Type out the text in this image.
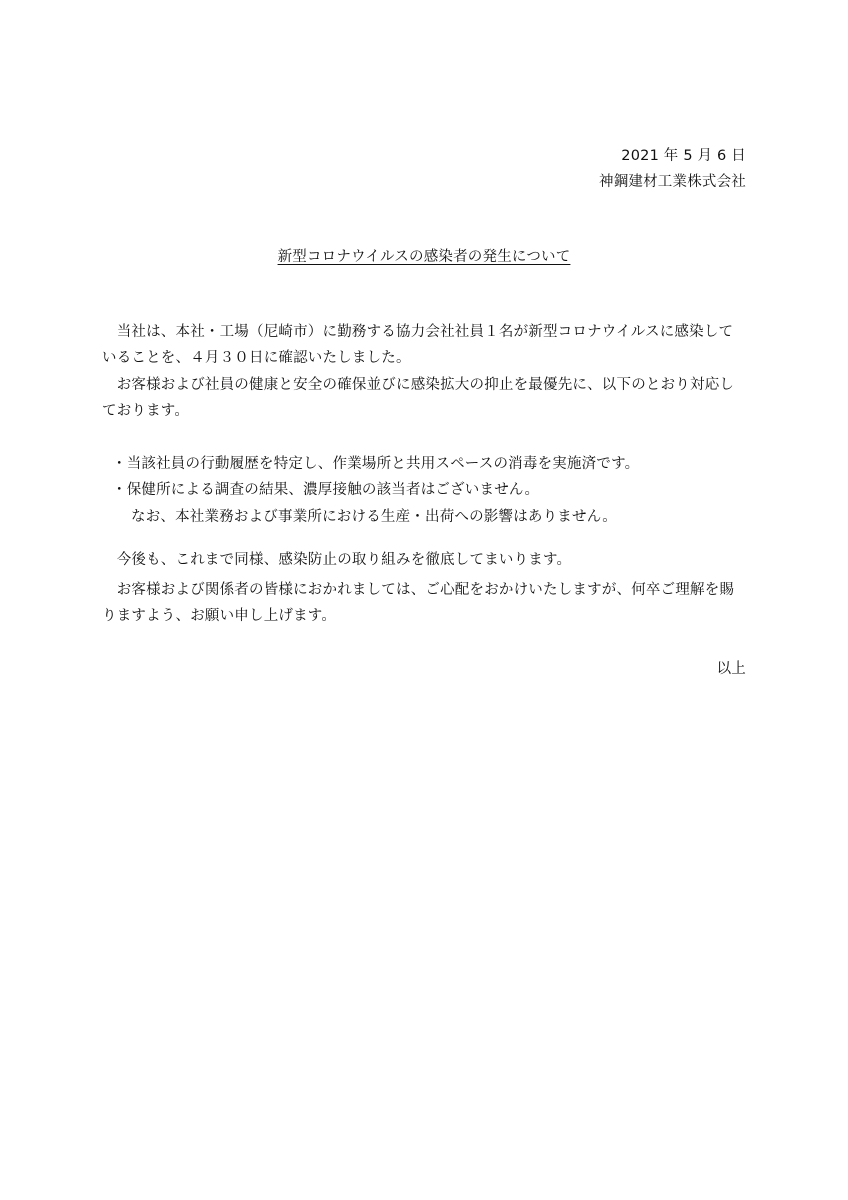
2021 年 5 月 6 日
神鋼建材工業株式会社
新型コロナウイルスの感染者の発生について
　当社は、本社・工場（尼崎市）に勤務する協力会社社員１名が新型コロナウイルスに感染して
いることを、４月３０日に確認いたしました。
　お客様および社員の健康と安全の確保並びに感染拡大の抑止を最優先に、以下のとおり対応し
ております。
・当該社員の行動履歴を特定し、作業場所と共用スペースの消毒を実施済です。
・保健所による調査の結果、濃厚接触の該当者はございません。
なお、本社業務および事業所における生産・出荷への影響はありません。
　今後も、これまで同様、感染防止の取り組みを徹底してまいります。
　お客様および関係者の皆様におかれましては、ご心配をおかけいたしますが、何卒ご理解を賜
りますよう、お願い申し上げます。
以上
